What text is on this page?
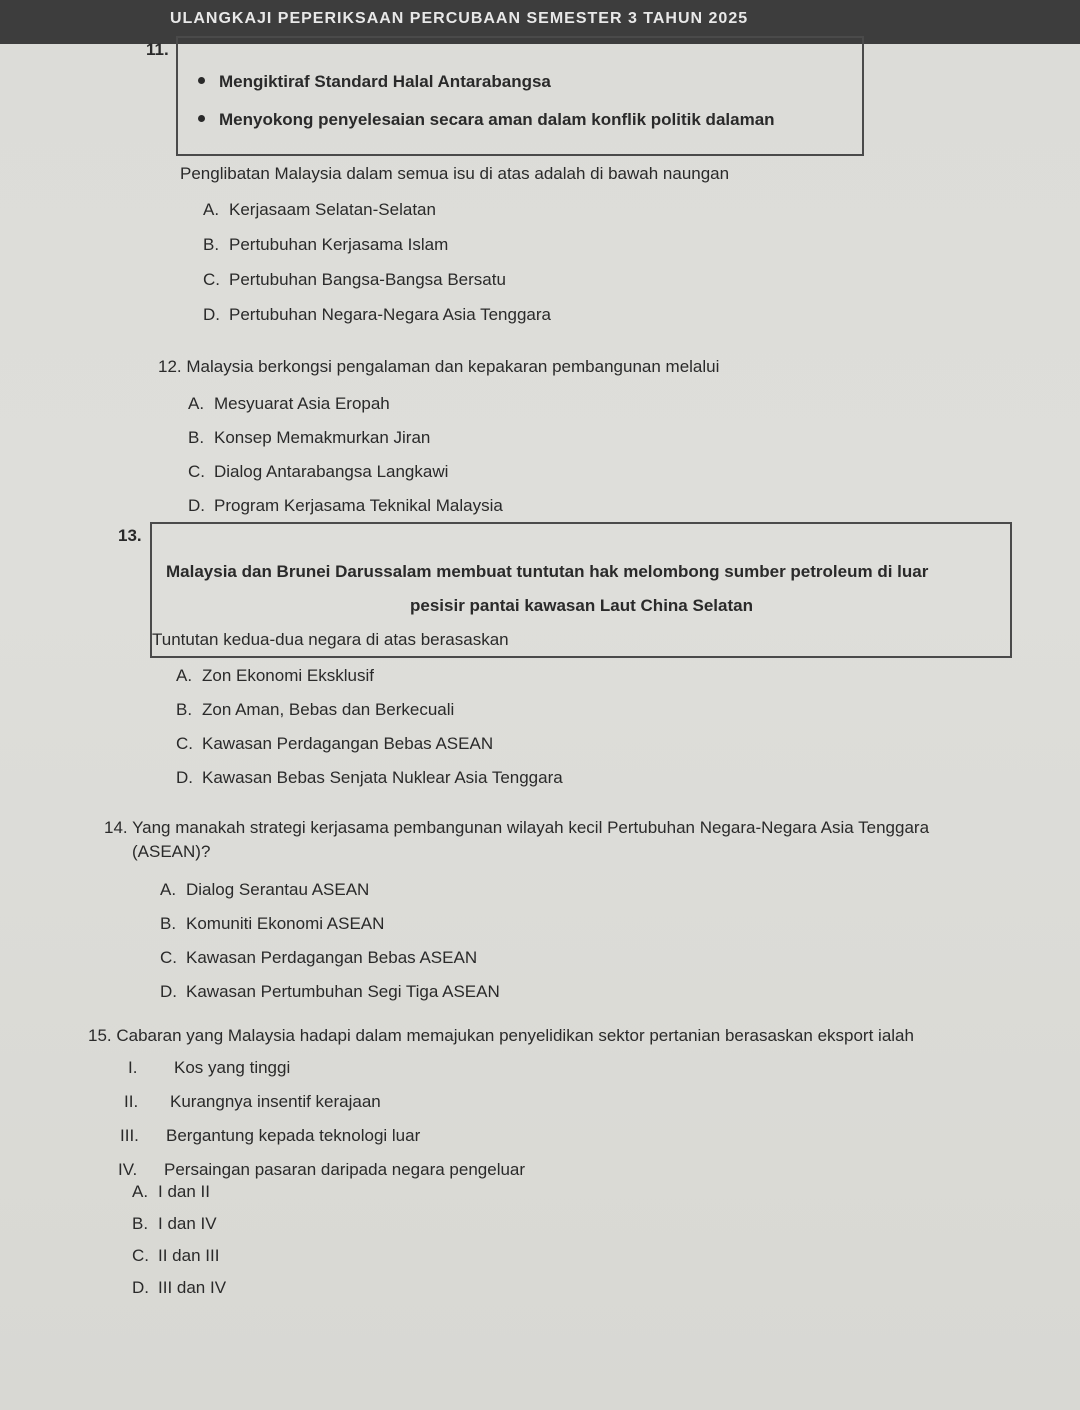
ULANGKAJI PEPERIKSAAN PERCUBAAN SEMESTER 3 TAHUN 2025
11.
Mengiktiraf Standard Halal Antarabangsa
Menyokong penyelesaian secara aman dalam konflik politik dalaman
Penglibatan Malaysia dalam semua isu di atas adalah di bawah naungan
A. Kerjasaam Selatan-Selatan
B. Pertubuhan Kerjasama Islam
C. Pertubuhan Bangsa-Bangsa Bersatu
D. Pertubuhan Negara-Negara Asia Tenggara
12. Malaysia berkongsi pengalaman dan kepakaran pembangunan melalui
A. Mesyuarat Asia Eropah
B. Konsep Memakmurkan Jiran
C. Dialog Antarabangsa Langkawi
D. Program Kerjasama Teknikal Malaysia
13.
Malaysia dan Brunei Darussalam membuat tuntutan hak melombong sumber petroleum di luar
pesisir pantai kawasan Laut China Selatan
Tuntutan kedua-dua negara di atas berasaskan
A. Zon Ekonomi Eksklusif
B. Zon Aman, Bebas dan Berkecuali
C. Kawasan Perdagangan Bebas ASEAN
D. Kawasan Bebas Senjata Nuklear Asia Tenggara
14. Yang manakah strategi kerjasama pembangunan wilayah kecil Pertubuhan Negara-Negara Asia Tenggara
(ASEAN)?
A. Dialog Serantau ASEAN
B. Komuniti Ekonomi ASEAN
C. Kawasan Perdagangan Bebas ASEAN
D. Kawasan Pertumbuhan Segi Tiga ASEAN
15. Cabaran yang Malaysia hadapi dalam memajukan penyelidikan sektor pertanian berasaskan eksport ialah
I. Kos yang tinggi
II. Kurangnya insentif kerajaan
III. Bergantung kepada teknologi luar
IV. Persaingan pasaran daripada negara pengeluar
A. I dan II
B. I dan IV
C. II dan III
D. III dan IV
